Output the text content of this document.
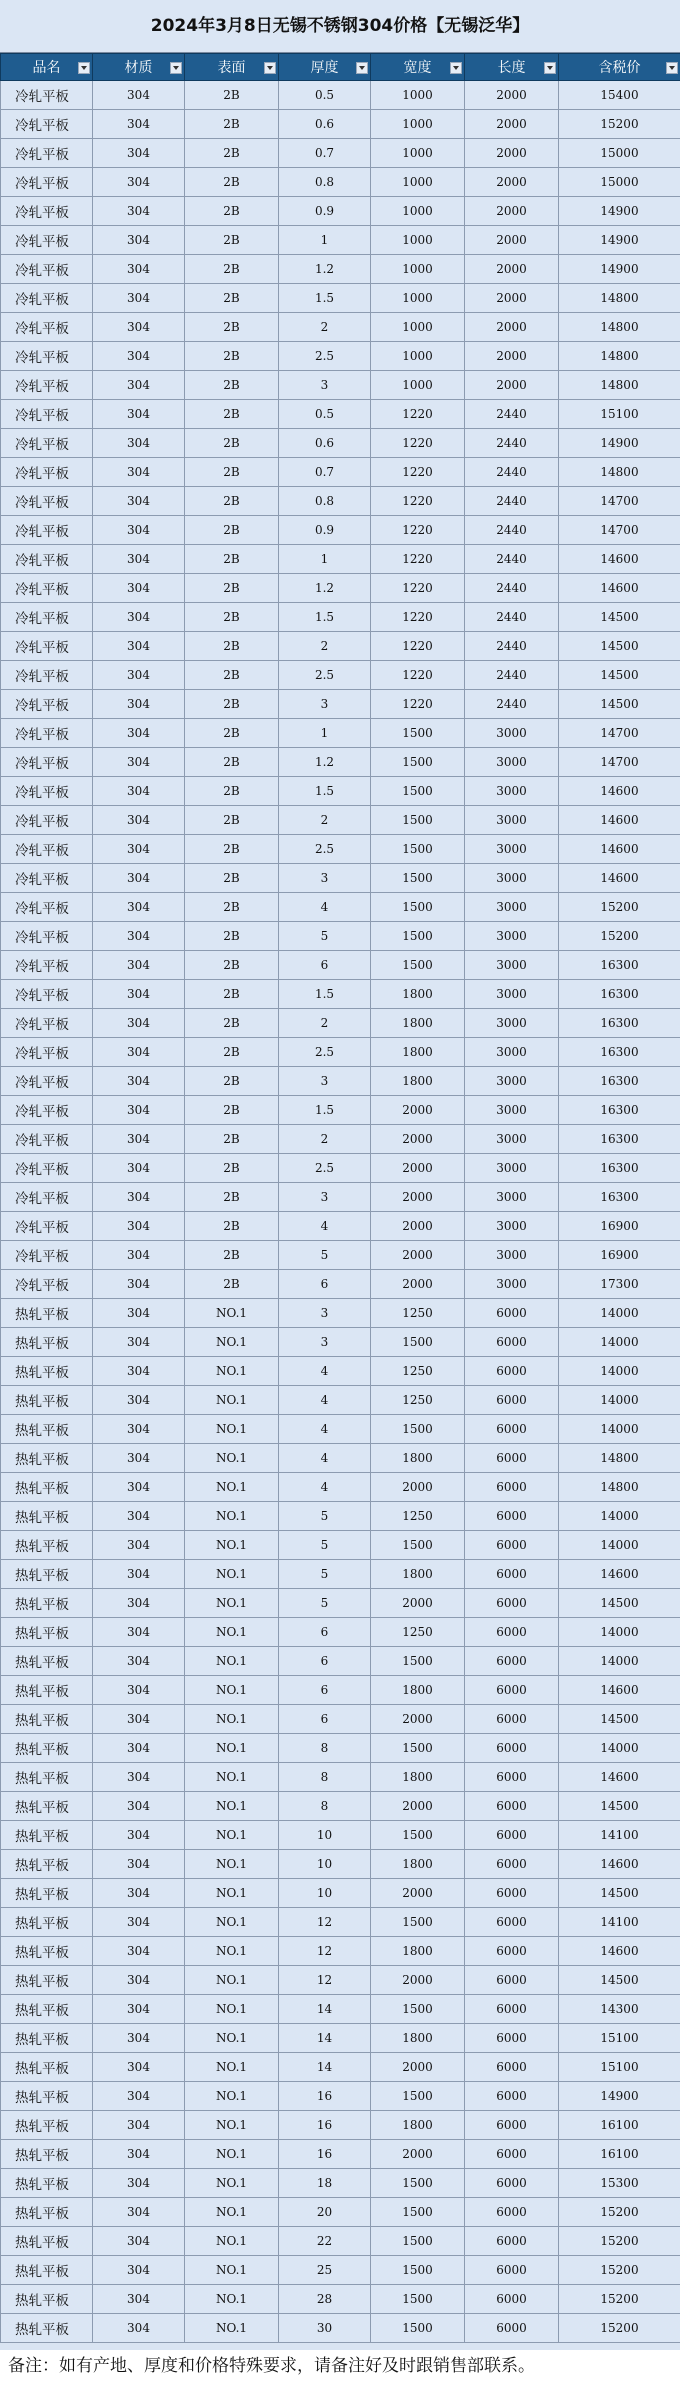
2024年3月8日无锡不锈钢304价格【无锡泛华】
品名	材质	表面	厚度	宽度	长度	含税价

冷轧平板	304	2B	0.5	1000	2000	15400
冷轧平板	304	2B	0.6	1000	2000	15200
冷轧平板	304	2B	0.7	1000	2000	15000
冷轧平板	304	2B	0.8	1000	2000	15000
冷轧平板	304	2B	0.9	1000	2000	14900
冷轧平板	304	2B	1	1000	2000	14900
冷轧平板	304	2B	1.2	1000	2000	14900
冷轧平板	304	2B	1.5	1000	2000	14800
冷轧平板	304	2B	2	1000	2000	14800
冷轧平板	304	2B	2.5	1000	2000	14800
冷轧平板	304	2B	3	1000	2000	14800
冷轧平板	304	2B	0.5	1220	2440	15100
冷轧平板	304	2B	0.6	1220	2440	14900
冷轧平板	304	2B	0.7	1220	2440	14800
冷轧平板	304	2B	0.8	1220	2440	14700
冷轧平板	304	2B	0.9	1220	2440	14700
冷轧平板	304	2B	1	1220	2440	14600
冷轧平板	304	2B	1.2	1220	2440	14600
冷轧平板	304	2B	1.5	1220	2440	14500
冷轧平板	304	2B	2	1220	2440	14500
冷轧平板	304	2B	2.5	1220	2440	14500
冷轧平板	304	2B	3	1220	2440	14500
冷轧平板	304	2B	1	1500	3000	14700
冷轧平板	304	2B	1.2	1500	3000	14700
冷轧平板	304	2B	1.5	1500	3000	14600
冷轧平板	304	2B	2	1500	3000	14600
冷轧平板	304	2B	2.5	1500	3000	14600
冷轧平板	304	2B	3	1500	3000	14600
冷轧平板	304	2B	4	1500	3000	15200
冷轧平板	304	2B	5	1500	3000	15200
冷轧平板	304	2B	6	1500	3000	16300
冷轧平板	304	2B	1.5	1800	3000	16300
冷轧平板	304	2B	2	1800	3000	16300
冷轧平板	304	2B	2.5	1800	3000	16300
冷轧平板	304	2B	3	1800	3000	16300
冷轧平板	304	2B	1.5	2000	3000	16300
冷轧平板	304	2B	2	2000	3000	16300
冷轧平板	304	2B	2.5	2000	3000	16300
冷轧平板	304	2B	3	2000	3000	16300
冷轧平板	304	2B	4	2000	3000	16900
冷轧平板	304	2B	5	2000	3000	16900
冷轧平板	304	2B	6	2000	3000	17300
热轧平板	304	NO.1	3	1250	6000	14000
热轧平板	304	NO.1	3	1500	6000	14000
热轧平板	304	NO.1	4	1250	6000	14000
热轧平板	304	NO.1	4	1250	6000	14000
热轧平板	304	NO.1	4	1500	6000	14000
热轧平板	304	NO.1	4	1800	6000	14800
热轧平板	304	NO.1	4	2000	6000	14800
热轧平板	304	NO.1	5	1250	6000	14000
热轧平板	304	NO.1	5	1500	6000	14000
热轧平板	304	NO.1	5	1800	6000	14600
热轧平板	304	NO.1	5	2000	6000	14500
热轧平板	304	NO.1	6	1250	6000	14000
热轧平板	304	NO.1	6	1500	6000	14000
热轧平板	304	NO.1	6	1800	6000	14600
热轧平板	304	NO.1	6	2000	6000	14500
热轧平板	304	NO.1	8	1500	6000	14000
热轧平板	304	NO.1	8	1800	6000	14600
热轧平板	304	NO.1	8	2000	6000	14500
热轧平板	304	NO.1	10	1500	6000	14100
热轧平板	304	NO.1	10	1800	6000	14600
热轧平板	304	NO.1	10	2000	6000	14500
热轧平板	304	NO.1	12	1500	6000	14100
热轧平板	304	NO.1	12	1800	6000	14600
热轧平板	304	NO.1	12	2000	6000	14500
热轧平板	304	NO.1	14	1500	6000	14300
热轧平板	304	NO.1	14	1800	6000	15100
热轧平板	304	NO.1	14	2000	6000	15100
热轧平板	304	NO.1	16	1500	6000	14900
热轧平板	304	NO.1	16	1800	6000	16100
热轧平板	304	NO.1	16	2000	6000	16100
热轧平板	304	NO.1	18	1500	6000	15300
热轧平板	304	NO.1	20	1500	6000	15200
热轧平板	304	NO.1	22	1500	6000	15200
热轧平板	304	NO.1	25	1500	6000	15200
热轧平板	304	NO.1	28	1500	6000	15200
热轧平板	304	NO.1	30	1500	6000	15200
备注：如有产地、厚度和价格特殊要求，请备注好及时跟销售部联系。
